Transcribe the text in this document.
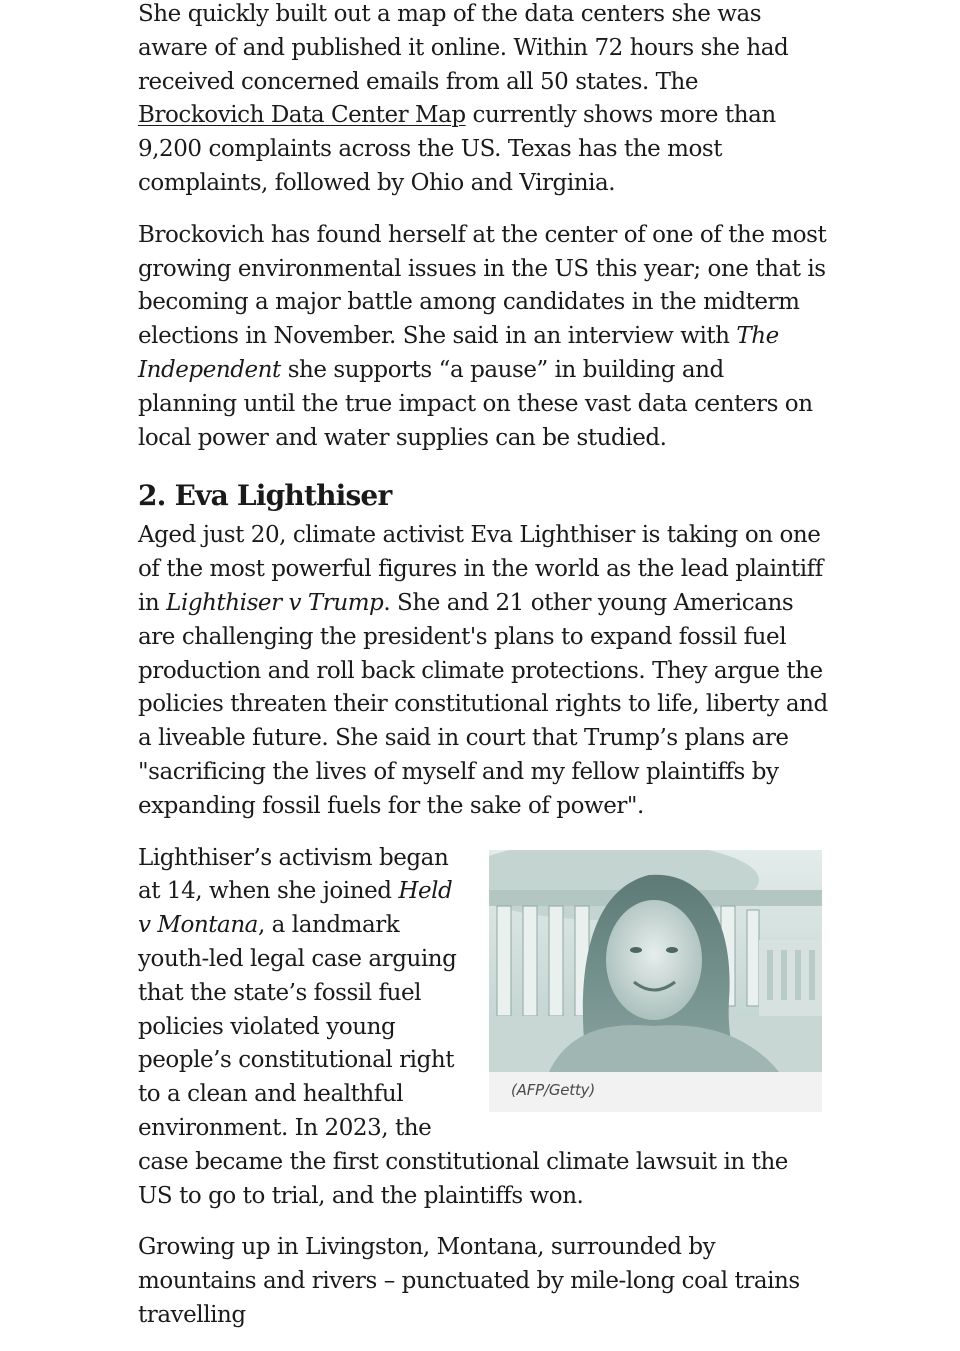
She quickly built out a map of the data centers she was aware of and published it online. Within 72 hours she had received concerned emails from all 50 states. The Brockovich Data Center Map currently shows more than 9,200 complaints across the US. Texas has the most complaints, followed by Ohio and Virginia.

Brockovich has found herself at the center of one of the most growing environmental issues in the US this year; one that is becoming a major battle among candidates in the midterm elections in November. She said in an interview with The Independent she supports “a pause” in building and planning until the true impact on these vast data centers on local power and water supplies can be studied.

2. Eva Lighthiser

Aged just 20, climate activist Eva Lighthiser is taking on one of the most powerful figures in the world as the lead plaintiff in Lighthiser v Trump. She and 21 other young Americans are challenging the president's plans to expand fossil fuel production and roll back climate protections. They argue the policies threaten their constitutional rights to life, liberty and a liveable future. She said in court that Trump’s plans are "sacrificing the lives of myself and my fellow plaintiffs by expanding fossil fuels for the sake of power".

(AFP/Getty)

Lighthiser’s activism began at 14, when she joined Held v Montana, a landmark youth-led legal case arguing that the state’s fossil fuel policies violated young people’s constitutional right to a clean and healthful environment. In 2023, the case became the first constitutional climate lawsuit in the US to go to trial, and the plaintiffs won.

Growing up in Livingston, Montana, surrounded by mountains and rivers – punctuated by mile-long coal trains travelling
